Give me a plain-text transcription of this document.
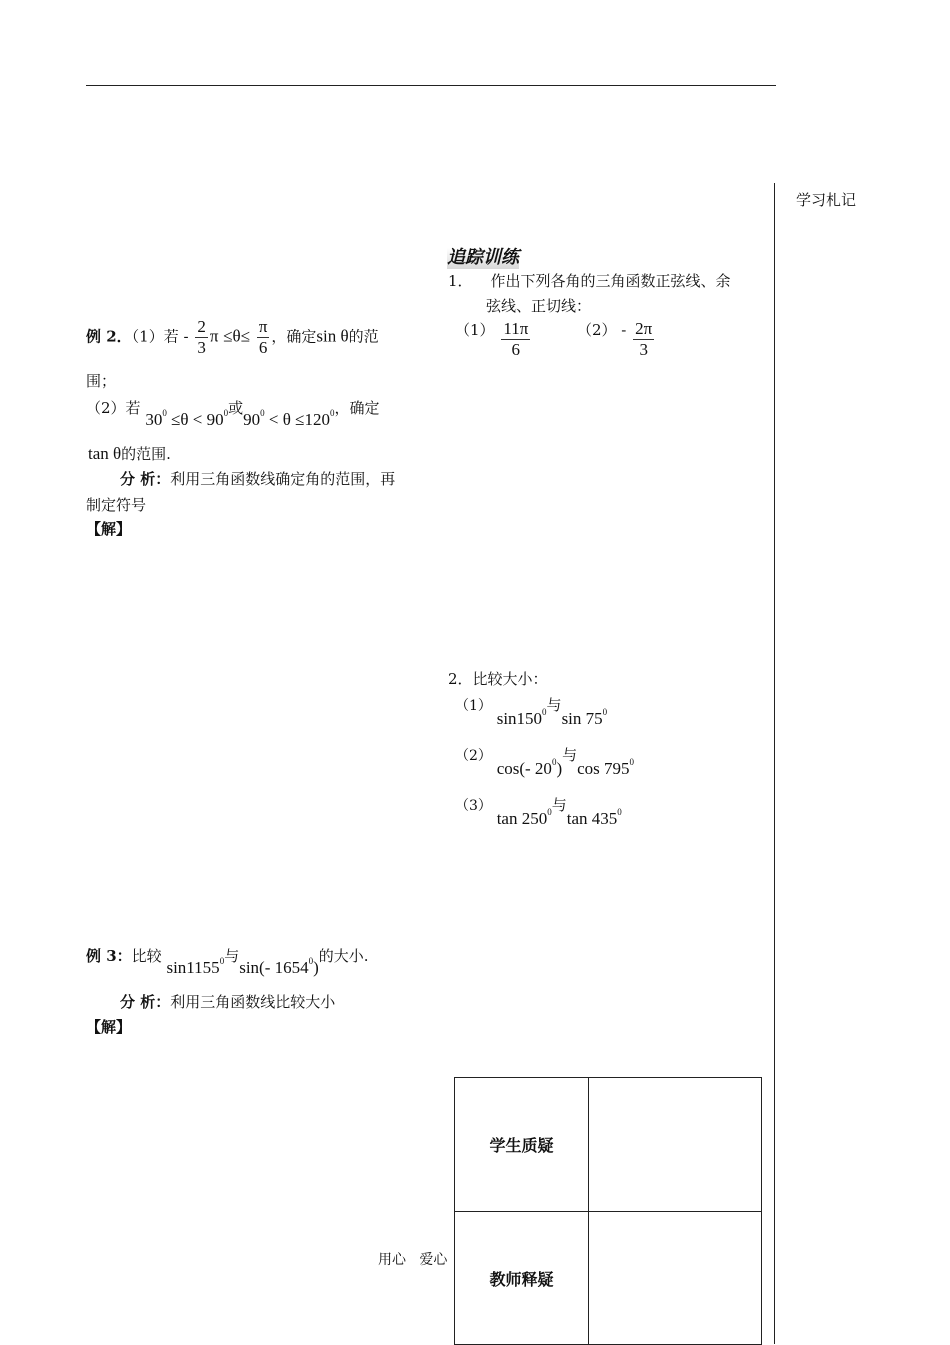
学习札记
例 2．（1）若 - $\frac{2}{3}$ $\pi \le\theta\le \frac{\pi}{6}$ ，确定sin θ的范
围；
（2）若 $30^0 \le\theta < 90^0$或$90^0 < \theta \le 120^0$，确定
tan θ的范围.
分 析：利用三角函数线确定角的范围，再
制定符号
【解】
追踪训练
1． 作出下列各角的三角函数正弦线、余
弦线、正切线：
$(1) \frac{11\pi}{6}$	$(2) - \frac{2\pi}{3}$
2．比较大小：
（1） $\sin 150^0$与$\sin 75^0$
（2） cos(- $20^0$)与$\cos 795^0$
（3） $\tan 250^0$与$\tan 435^0$
例 3：比较 sin1155$^0$与sin(- 1654$^0$)的大小.
分 析：利用三角函数线比较大小
【解】
学生质疑	
教师释疑	
用心   爱心
